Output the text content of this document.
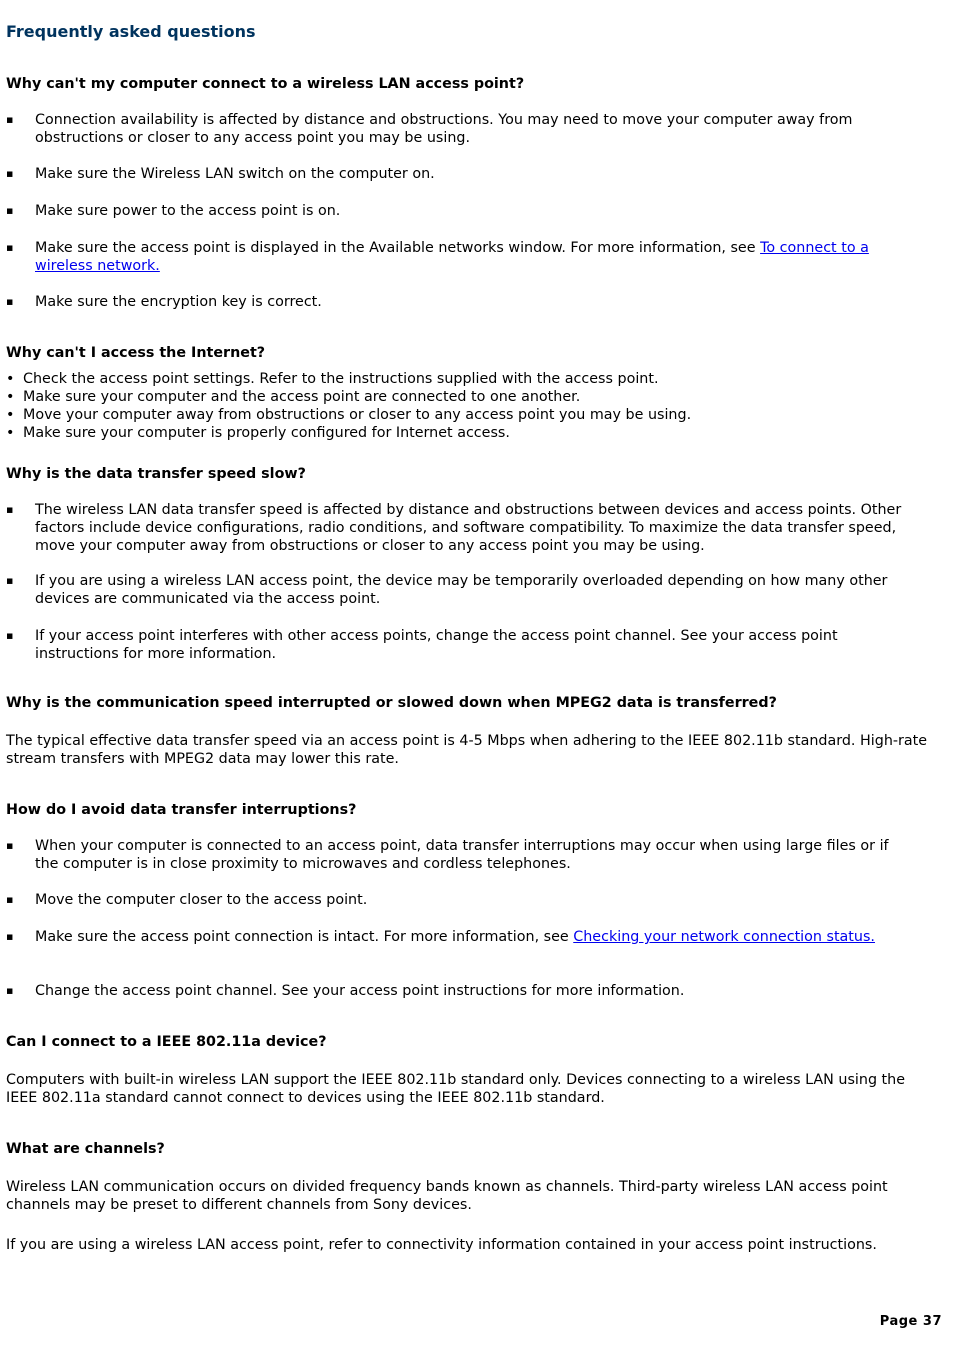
Frequently asked questions
Why can't my computer connect to a wireless LAN access point?

▪ Connection availability is affected by distance and obstructions. You may need to move your computer away from obstructions or closer to any access point you may be using.

▪ Make sure the Wireless LAN switch on the computer on.

▪ Make sure power to the access point is on.

▪ Make sure the access point is displayed in the Available networks window. For more information, see To connect to a wireless network.

▪ Make sure the encryption key is correct.

Why can't I access the Internet?

• Check the access point settings. Refer to the instructions supplied with the access point.

• Make sure your computer and the access point are connected to one another.

• Move your computer away from obstructions or closer to any access point you may be using.

• Make sure your computer is properly configured for Internet access.

Why is the data transfer speed slow?

▪ The wireless LAN data transfer speed is affected by distance and obstructions between devices and access points. Other factors include device configurations, radio conditions, and software compatibility. To maximize the data transfer speed, move your computer away from obstructions or closer to any access point you may be using.

▪ If you are using a wireless LAN access point, the device may be temporarily overloaded depending on how many other devices are communicated via the access point.

▪ If your access point interferes with other access points, change the access point channel. See your access point instructions for more information.

Why is the communication speed interrupted or slowed down when MPEG2 data is transferred?

The typical effective data transfer speed via an access point is 4-5 Mbps when adhering to the IEEE 802.11b standard. High-rate stream transfers with MPEG2 data may lower this rate.

How do I avoid data transfer interruptions?

▪ When your computer is connected to an access point, data transfer interruptions may occur when using large files or if the computer is in close proximity to microwaves and cordless telephones.

▪ Move the computer closer to the access point.

▪ Make sure the access point connection is intact. For more information, see Checking your network connection status.

▪ Change the access point channel. See your access point instructions for more information.

Can I connect to a IEEE 802.11a device?

Computers with built-in wireless LAN support the IEEE 802.11b standard only. Devices connecting to a wireless LAN using the IEEE 802.11a standard cannot connect to devices using the IEEE 802.11b standard.

What are channels?

Wireless LAN communication occurs on divided frequency bands known as channels. Third-party wireless LAN access point channels may be preset to different channels from Sony devices.

If you are using a wireless LAN access point, refer to connectivity information contained in your access point instructions.

Page 37
